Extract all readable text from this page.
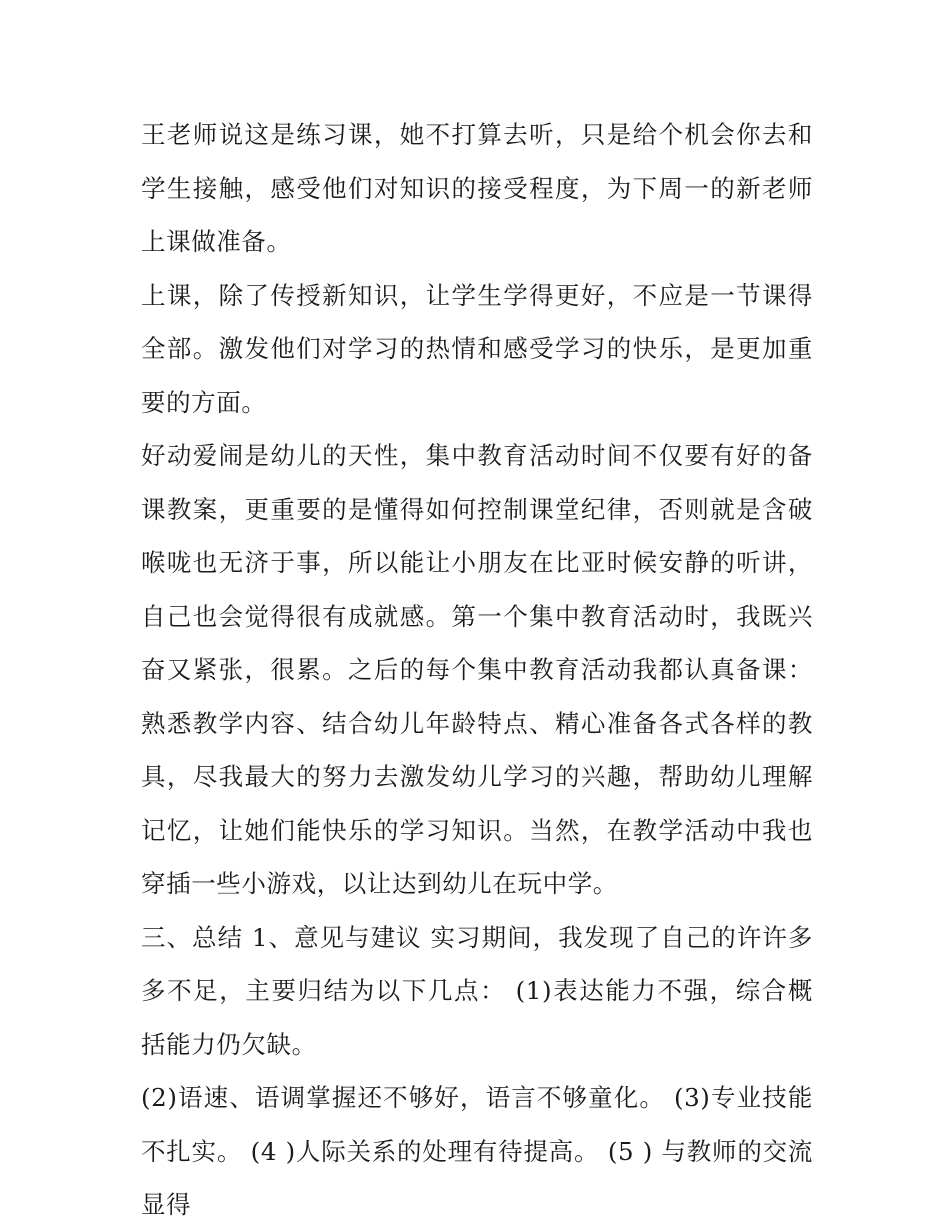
王老师说这是练习课，她不打算去听，只是给个机会你去和学生接触，感受他们对知识的接受程度，为下周一的新老师上课做准备。

上课，除了传授新知识，让学生学得更好，不应是一节课得全部。激发他们对学习的热情和感受学习的快乐，是更加重要的方面。

好动爱闹是幼儿的天性，集中教育活动时间不仅要有好的备课教案，更重要的是懂得如何控制课堂纪律，否则就是含破喉咙也无济于事，所以能让小朋友在比亚时候安静的听讲，自己也会觉得很有成就感。第一个集中教育活动时，我既兴奋又紧张，很累。之后的每个集中教育活动我都认真备课：熟悉教学内容、结合幼儿年龄特点、精心准备各式各样的教具，尽我最大的努力去激发幼儿学习的兴趣，帮助幼儿理解记忆，让她们能快乐的学习知识。当然，在教学活动中我也穿插一些小游戏，以让达到幼儿在玩中学。

三、总结 1、意见与建议 实习期间，我发现了自己的许许多多不足，主要归结为以下几点： (1)表达能力不强，综合概括能力仍欠缺。

(2)语速、语调掌握还不够好，语言不够童化。 (3)专业技能不扎实。 (4 )人际关系的处理有待提高。 (5 ) 与教师的交流显得
